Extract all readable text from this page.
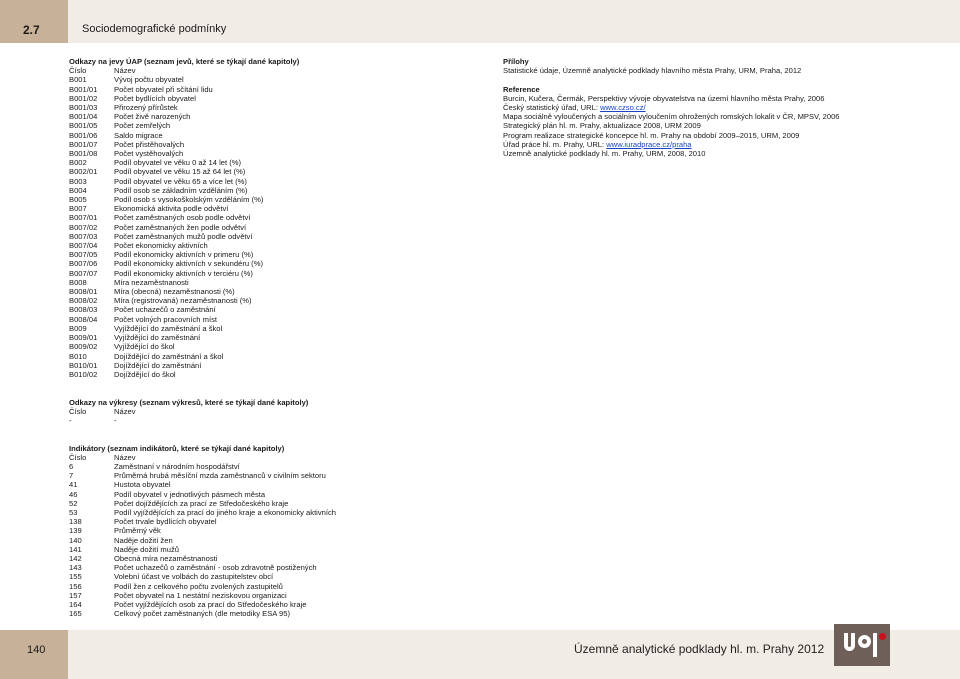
2.7	Sociodemografické podmínky
Odkazy na jevy ÚAP (seznam jevů, které se týkají dané kapitoly)
Číslo	Název
B001	Vývoj počtu obyvatel
B001/01	Počet obyvatel při sčítání lidu
B001/02	Počet bydlících obyvatel
B001/03	Přirozený přírůstek
B001/04	Počet živě narozených
B001/05	Počet zemřelých
B001/06	Saldo migrace
B001/07	Počet přistěhovalých
B001/08	Počet vystěhovalých
B002	Podíl obyvatel ve věku 0 až 14 let (%)
B002/01	Podíl obyvatel ve věku 15 až 64 let (%)
B003	Podíl obyvatel ve věku 65 a více let (%)
B004	Podíl osob se základním vzděláním (%)
B005	Podíl osob s vysokoškolským vzděláním (%)
B007	Ekonomická aktivita podle odvětví
B007/01	Počet zaměstnaných osob podle odvětví
B007/02	Počet zaměstnaných žen podle odvětví
B007/03	Počet zaměstnaných mužů podle odvětví
B007/04	Počet ekonomicky aktivních
B007/05	Podíl ekonomicky aktivních v primeru (%)
B007/06	Podíl ekonomicky aktivních v sekundéru (%)
B007/07	Podíl ekonomicky aktivních v terciéru (%)
B008	Míra nezaměstnanosti
B008/01	Míra (obecná) nezaměstnanosti (%)
B008/02	Míra (registrovaná) nezaměstnanosti (%)
B008/03	Počet uchazečů o zaměstnání
B008/04	Počet volných pracovních míst
B009	Vyjíždějící do zaměstnání a škol
B009/01	Vyjíždějící do zaměstnání
B009/02	Vyjíždějící do škol
B010	Dojíždějící do zaměstnání a škol
B010/01	Dojíždějící do zaměstnání
B010/02	Dojíždějící do škol
Odkazy na výkresy (seznam výkresů, které se týkají dané kapitoly)
Číslo	Název
-	-
Indikátory (seznam indikátorů, které se týkají dané kapitoly)
Číslo	Název
6	Zaměstnaní v národním hospodářství
7	Průměrná hrubá měsíční mzda zaměstnanců v civilním sektoru
41	Hustota obyvatel
46	Podíl obyvatel v jednotlivých pásmech města
52	Počet dojíždějících za prací ze Středočeského kraje
53	Podíl vyjíždějících za prací do jiného kraje a ekonomicky aktivních
138	Počet trvale bydlících obyvatel
139	Průměrný věk
140	Naděje dožití žen
141	Naděje dožití mužů
142	Obecná míra nezaměstnanosti
143	Počet uchazečů o zaměstnání - osob zdravotně postižených
155	Volební účast ve volbách do zastupitelstev obcí
156	Podíl žen z celkového počtu zvolených zastupitelů
157	Počet obyvatel na 1 nestátní neziskovou organizaci
164	Počet vyjíždějících osob za prací do Středočeského kraje
165	Celkový počet zaměstnaných (dle metodiky ESA 95)
Přílohy
Statistické údaje, Územně analytické podklady hlavního města Prahy, URM, Praha, 2012
Reference
Burcin, Kučera, Čermák, Perspektivy vývoje obyvatelstva na území hlavního města Prahy, 2006
Český statistický úřad, URL: www.czso.cz/
Mapa sociálně vyloučených a sociálním vyloučením ohrožených romských lokalit v ČR, MPSV, 2006
Strategický plán hl. m. Prahy, aktualizace 2008, URM 2009
Program realizace strategické koncepce hl. m. Prahy na období 2009–2015, URM, 2009
Úřad práce hl. m. Prahy, URL: www.iuradprace.cz/praha
Územně analytické podklady hl. m. Prahy, URM, 2008, 2010
140	Územně analytické podklady hl. m. Prahy 2012
